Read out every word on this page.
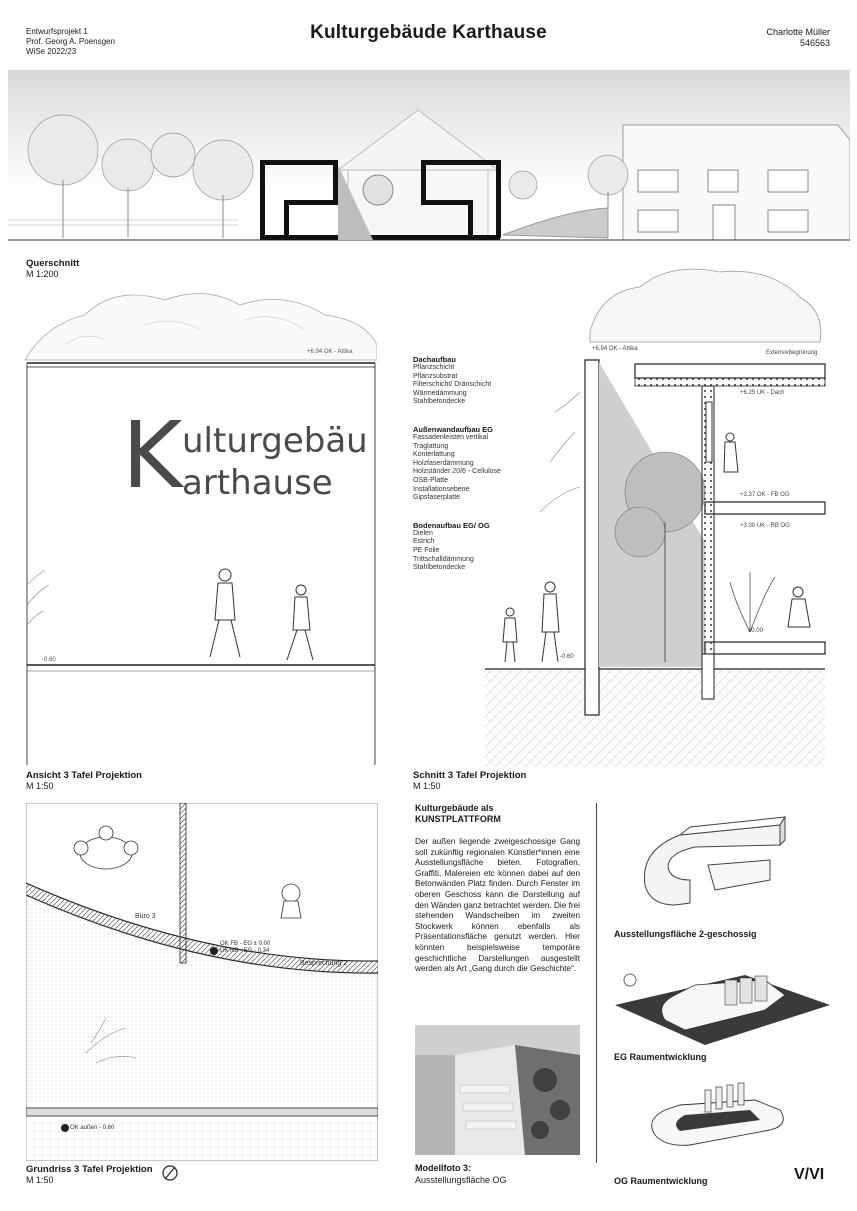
Entwurfsprojekt 1
Prof. Georg A. Poensgen
WiSe 2022/23
Kulturgebäude Karthause	Charlotte Müller
546563
Querschnitt
M 1:200
+6.94 OK - Attika
-0.60
K ulturgebäu
arthause
Ansicht 3 Tafel Projektion
M 1:50
Dachaufbau
Pflanzschicht
Pflanzsubstrat
Filterschicht/ Dränschicht
Wärmedämmung
Stahlbetondecke
Außenwandaufbau EG
Fassadenleisten vertikal
Traglattung
Konterlattung
Holzfaserdämmung
Holzständer 20/6 - Cellulose
OSB-Platte
Installationsebene
Gipsfaserplatte
Bodenaufbau EG/ OG
Dielen
Estrich
PE Folie
Trittschalldämmung
Stahlbetondecke
+6.94 OK - Attika
Extensivbegrünung
+6.25 UK - Dach
+3.37 OK - FB OG
+3.00 UK - RB OG
±0.00
-0.60
Schnitt 3 Tafel Projektion
M 1:50
Büro 3
Besprechung 2
OK FB - EG ± 0.00
UK RB - EG - 0.34
OK außen - 0.60
Grundriss 3 Tafel Projektion
M 1:50
Kulturgebäude als
KUNSTPLATTFORM
Der außen liegende zweigeschossige Gang soll zukünftig regionalen Künstler*innen eine Ausstellungsfläche bieten. Fotografien, Graffiti, Malereien etc können dabei auf den Betonwänden Platz finden. Durch Fenster im oberen Geschoss kann die Darstellung auf den Wänden ganz betrachtet werden. Die frei stehenden Wandscheiben im zweiten Stockwerk können ebenfalls als Präsentationsfläche genutzt werden. Hier könnten beispielsweise temporäre geschichtliche Darstellungen ausgestellt werden als Art „Gang durch die Geschichte“.
Modellfoto 3:
Ausstellungsfläche OG
Ausstellungsfläche 2-geschossig
EG Raumentwicklung
OG Raumentwicklung	V/VI
